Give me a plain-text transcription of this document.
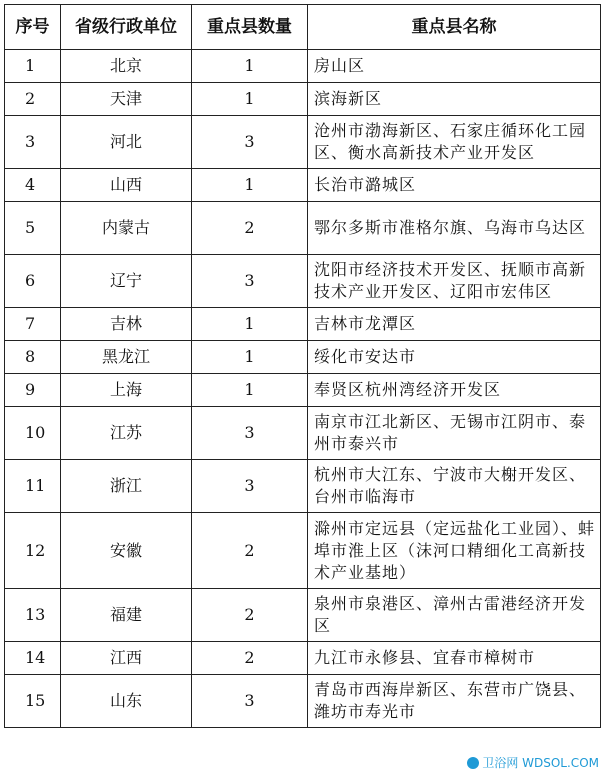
序号	省级行政单位	重点县数量	重点县名称
1	北京	1	房山区
2	天津	1	滨海新区
3	河北	3	沧州市渤海新区、石家庄循环化工园区、衡水高新技术产业开发区
4	山西	1	长治市潞城区
5	内蒙古	2	鄂尔多斯市准格尔旗、乌海市乌达区
6	辽宁	3	沈阳市经济技术开发区、抚顺市高新技术产业开发区、辽阳市宏伟区
7	吉林	1	吉林市龙潭区
8	黑龙江	1	绥化市安达市
9	上海	1	奉贤区杭州湾经济开发区
10	江苏	3	南京市江北新区、无锡市江阴市、泰州市泰兴市
11	浙江	3	杭州市大江东、宁波市大榭开发区、台州市临海市
12	安徽	2	滁州市定远县（定远盐化工业园）、蚌埠市淮上区（沫河口精细化工高新技术产业基地）
13	福建	2	泉州市泉港区、漳州古雷港经济开发区
14	江西	2	九江市永修县、宜春市樟树市
15	山东	3	青岛市西海岸新区、东营市广饶县、潍坊市寿光市
卫浴网 WDSOL.COM
